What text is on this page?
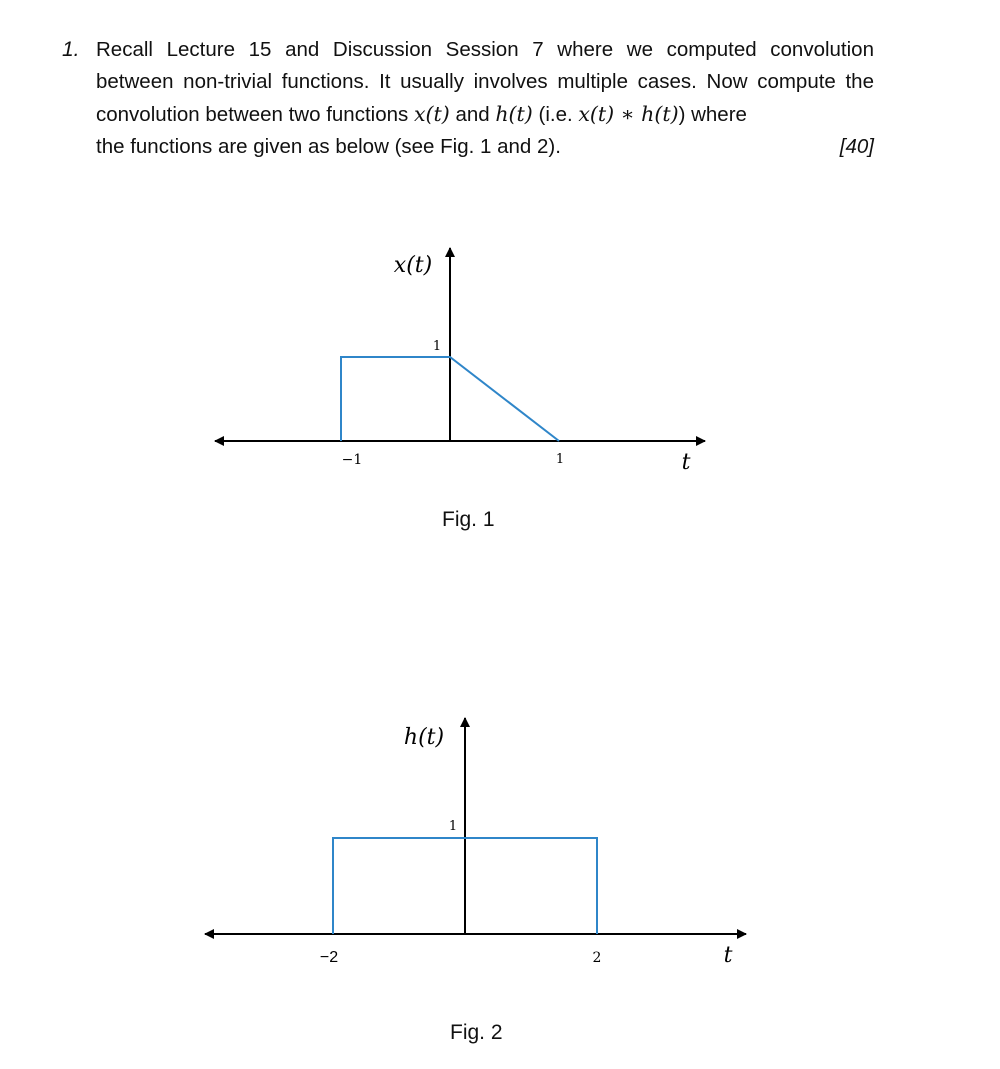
1. Recall Lecture 15 and Discussion Session 7 where we computed convolution between non-trivial functions. It usually involves multiple cases. Now compute the convolution between two functions x(t) and h(t) (i.e. x(t) ∗ h(t)) where
the functions are given as below (see Fig. 1 and 2).	[40]
x(t)
1
−1	1	t
h(t)
1
−2	2	t
Fig. 1
Fig. 2
